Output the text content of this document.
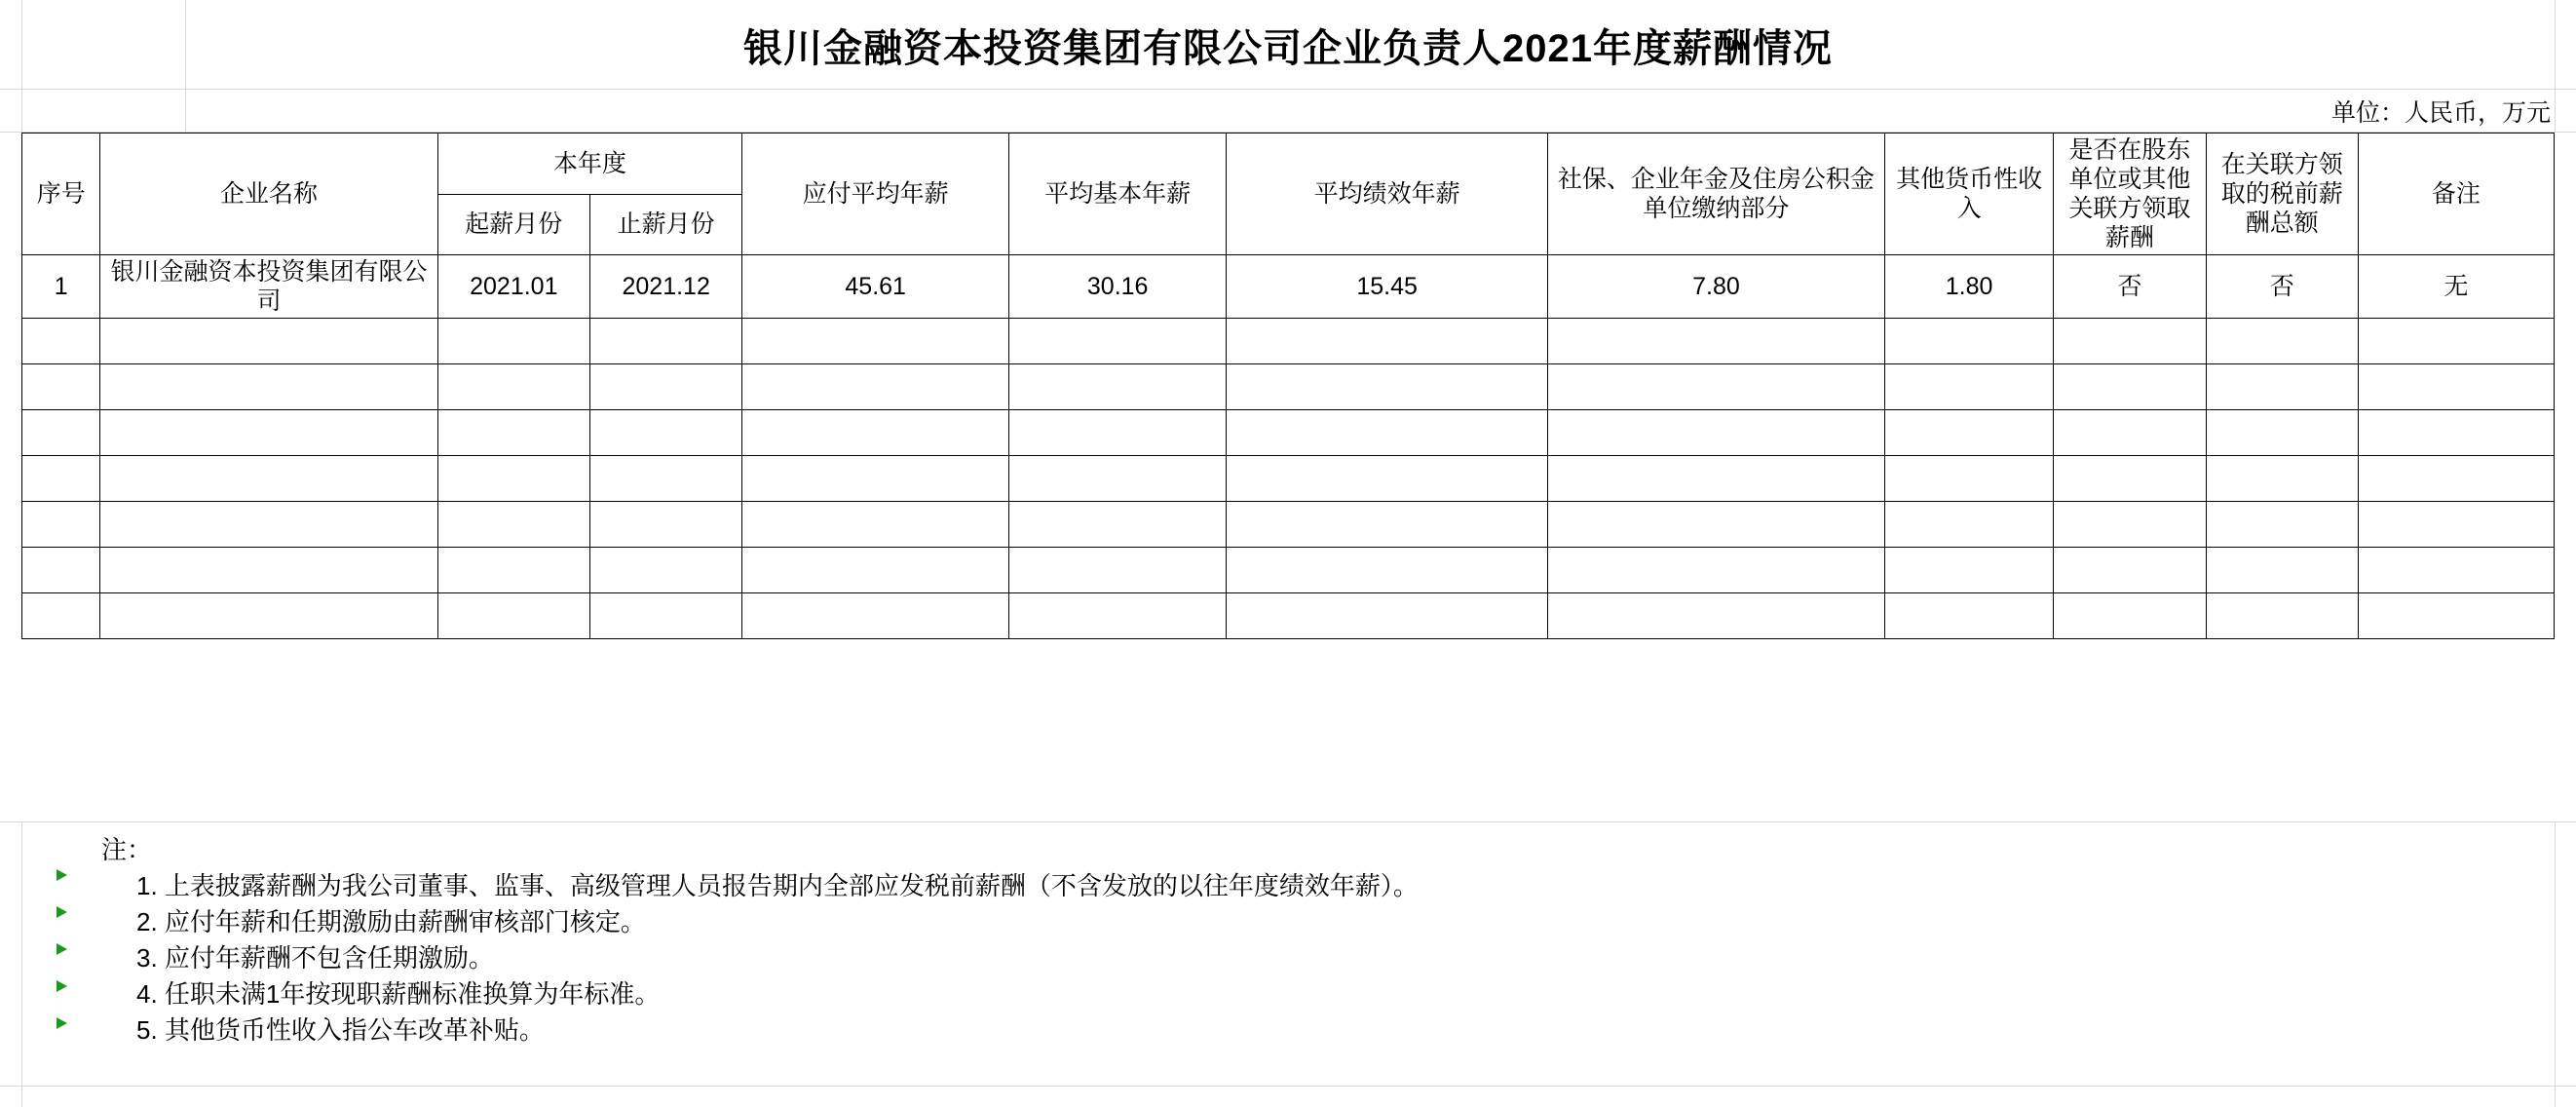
银川金融资本投资集团有限公司企业负责人2021年度薪酬情况
单位：人民币，万元
序号	企业名称	本年度		应付平均年薪	平均基本年薪	平均绩效年薪	社保、企业年金及住房公积金单位缴纳部分	其他货币性收入	是否在股东单位或其他关联方领取薪酬	在关联方领取的税前薪酬总额	备注
		起薪月份	止薪月份								
1	银川金融资本投资集团有限公司	2021.01	2021.12	45.61	30.16	15.45	7.80	1.80	否	否	无

注：
1. 上表披露薪酬为我公司董事、监事、高级管理人员报告期内全部应发税前薪酬（不含发放的以往年度绩效年薪）。
2. 应付年薪和任期激励由薪酬审核部门核定。
3. 应付年薪酬不包含任期激励。
4. 任职未满1年按现职薪酬标准换算为年标准。
5. 其他货币性收入指公车改革补贴。
